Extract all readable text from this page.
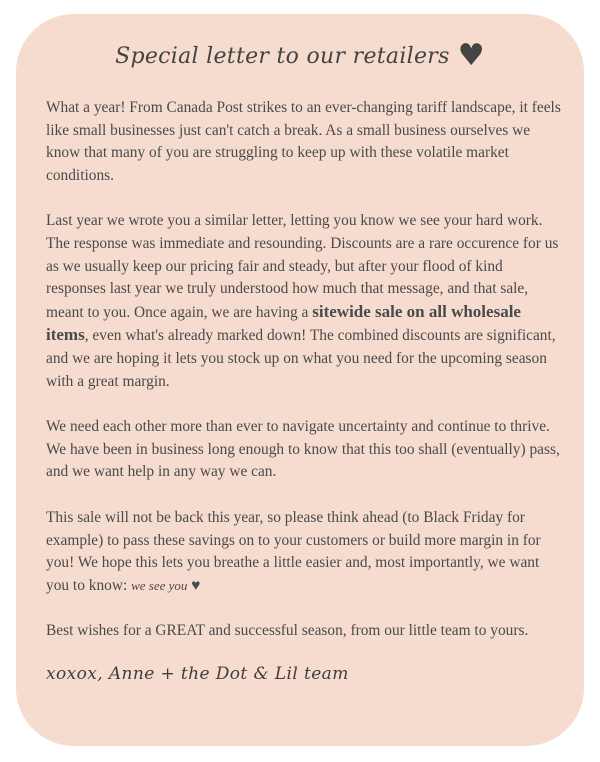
Special letter to our retailers ♥

What a year! From Canada Post strikes to an ever-changing tariff landscape, it feels like small businesses just can't catch a break. As a small business ourselves we know that many of you are struggling to keep up with these volatile market conditions.

Last year we wrote you a similar letter, letting you know we see your hard work. The response was immediate and resounding. Discounts are a rare occurence for us as we usually keep our pricing fair and steady, but after your flood of kind responses last year we truly understood how much that message, and that sale, meant to you. Once again, we are having a sitewide sale on all wholesale items, even what's already marked down! The combined discounts are significant, and we are hoping it lets you stock up on what you need for the upcoming season with a great margin.

We need each other more than ever to navigate uncertainty and continue to thrive. We have been in business long enough to know that this too shall (eventually) pass, and we want help in any way we can.

This sale will not be back this year, so please think ahead (to Black Friday for example) to pass these savings on to your customers or build more margin in for you! We hope this lets you breathe a little easier and, most importantly, we want you to know: we see you ♥

Best wishes for a GREAT and successful season, from our little team to yours.

xoxox, Anne + the Dot & Lil team
